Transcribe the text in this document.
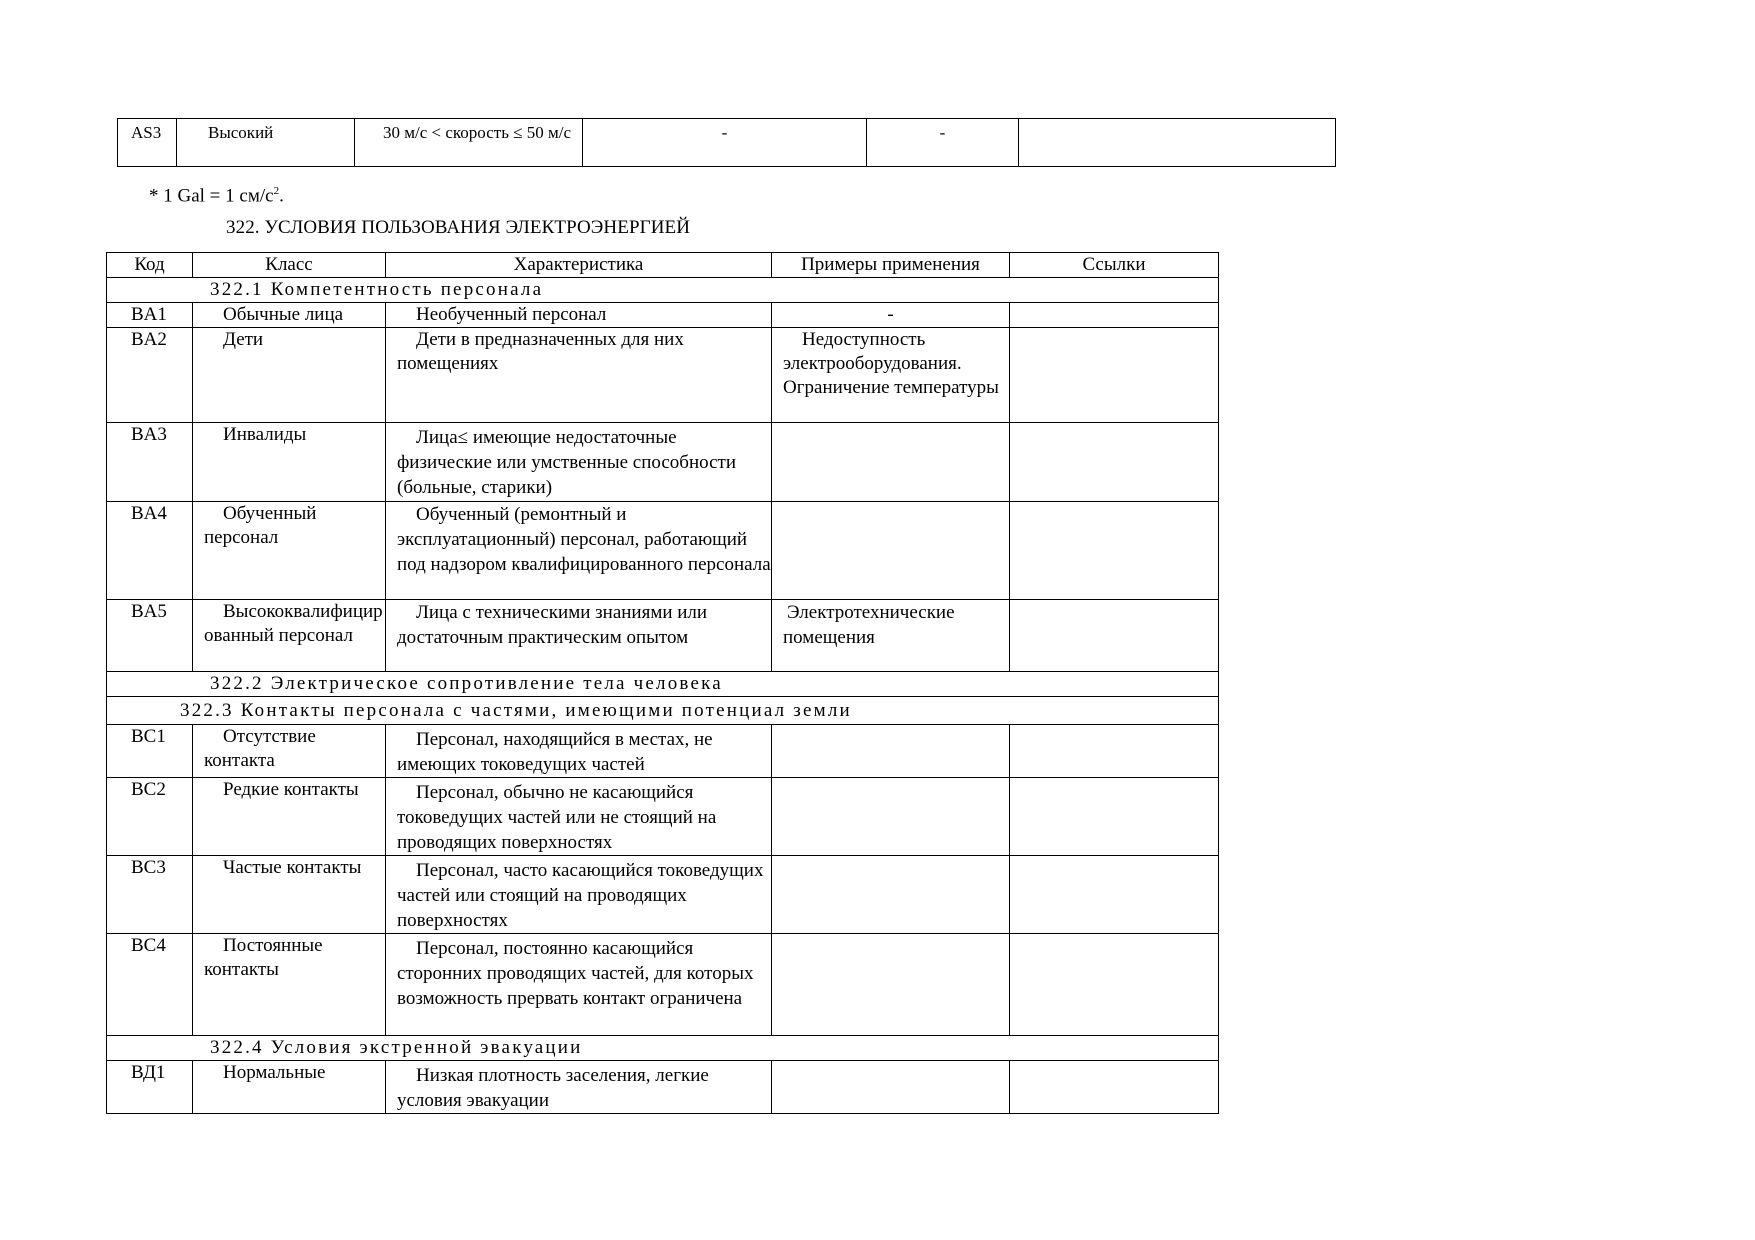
AS3	Высокий	30 м/с < скорость ≤ 50 м/с	-	-	
* 1 Gal = 1 $см/с^2$.
322. УСЛОВИЯ ПОЛЬЗОВАНИЯ ЭЛЕКТРОЭНЕРГИЕЙ
Код	Класс	Характеристика	Примеры применения	Ссылки
322.1 Компетентность персонала				
BA1	Обычные лица	Необученный персонал	-	
BA2	Дети	Дети в предназначенных для них помещениях	Недоступность электрооборудования. Ограничение температуры	
BA3	Инвалиды	Лица≤ имеющие недостаточные физические или умственные способности (больные, старики)		
BA4	Обученный персонал	Обученный (ремонтный и эксплуатационный) персонал, работающий под надзором квалифицированного персонала		
BA5	Высококвалифицированный персонал	Лица с техническими знаниями или достаточным практическим опытом	Электротехнические помещения	
322.2 Электрическое сопротивление тела человека				
322.3 Контакты персонала с частями, имеющими потенциал земли				
BC1	Отсутствие контакта	Персонал, находящийся в местах, не имеющих токоведущих частей		
BC2	Редкие контакты	Персонал, обычно не касающийся токоведущих частей или не стоящий на проводящих поверхностях		
BC3	Частые контакты	Персонал, часто касающийся токоведущих частей или стоящий на проводящих поверхностях		
BC4	Постоянные контакты	Персонал, постоянно касающийся сторонних проводящих частей, для которых возможность прервать контакт ограничена		
322.4 Условия экстренной эвакуации				
ВД1	Нормальные	Низкая плотность заселения, легкие условия эвакуации		
